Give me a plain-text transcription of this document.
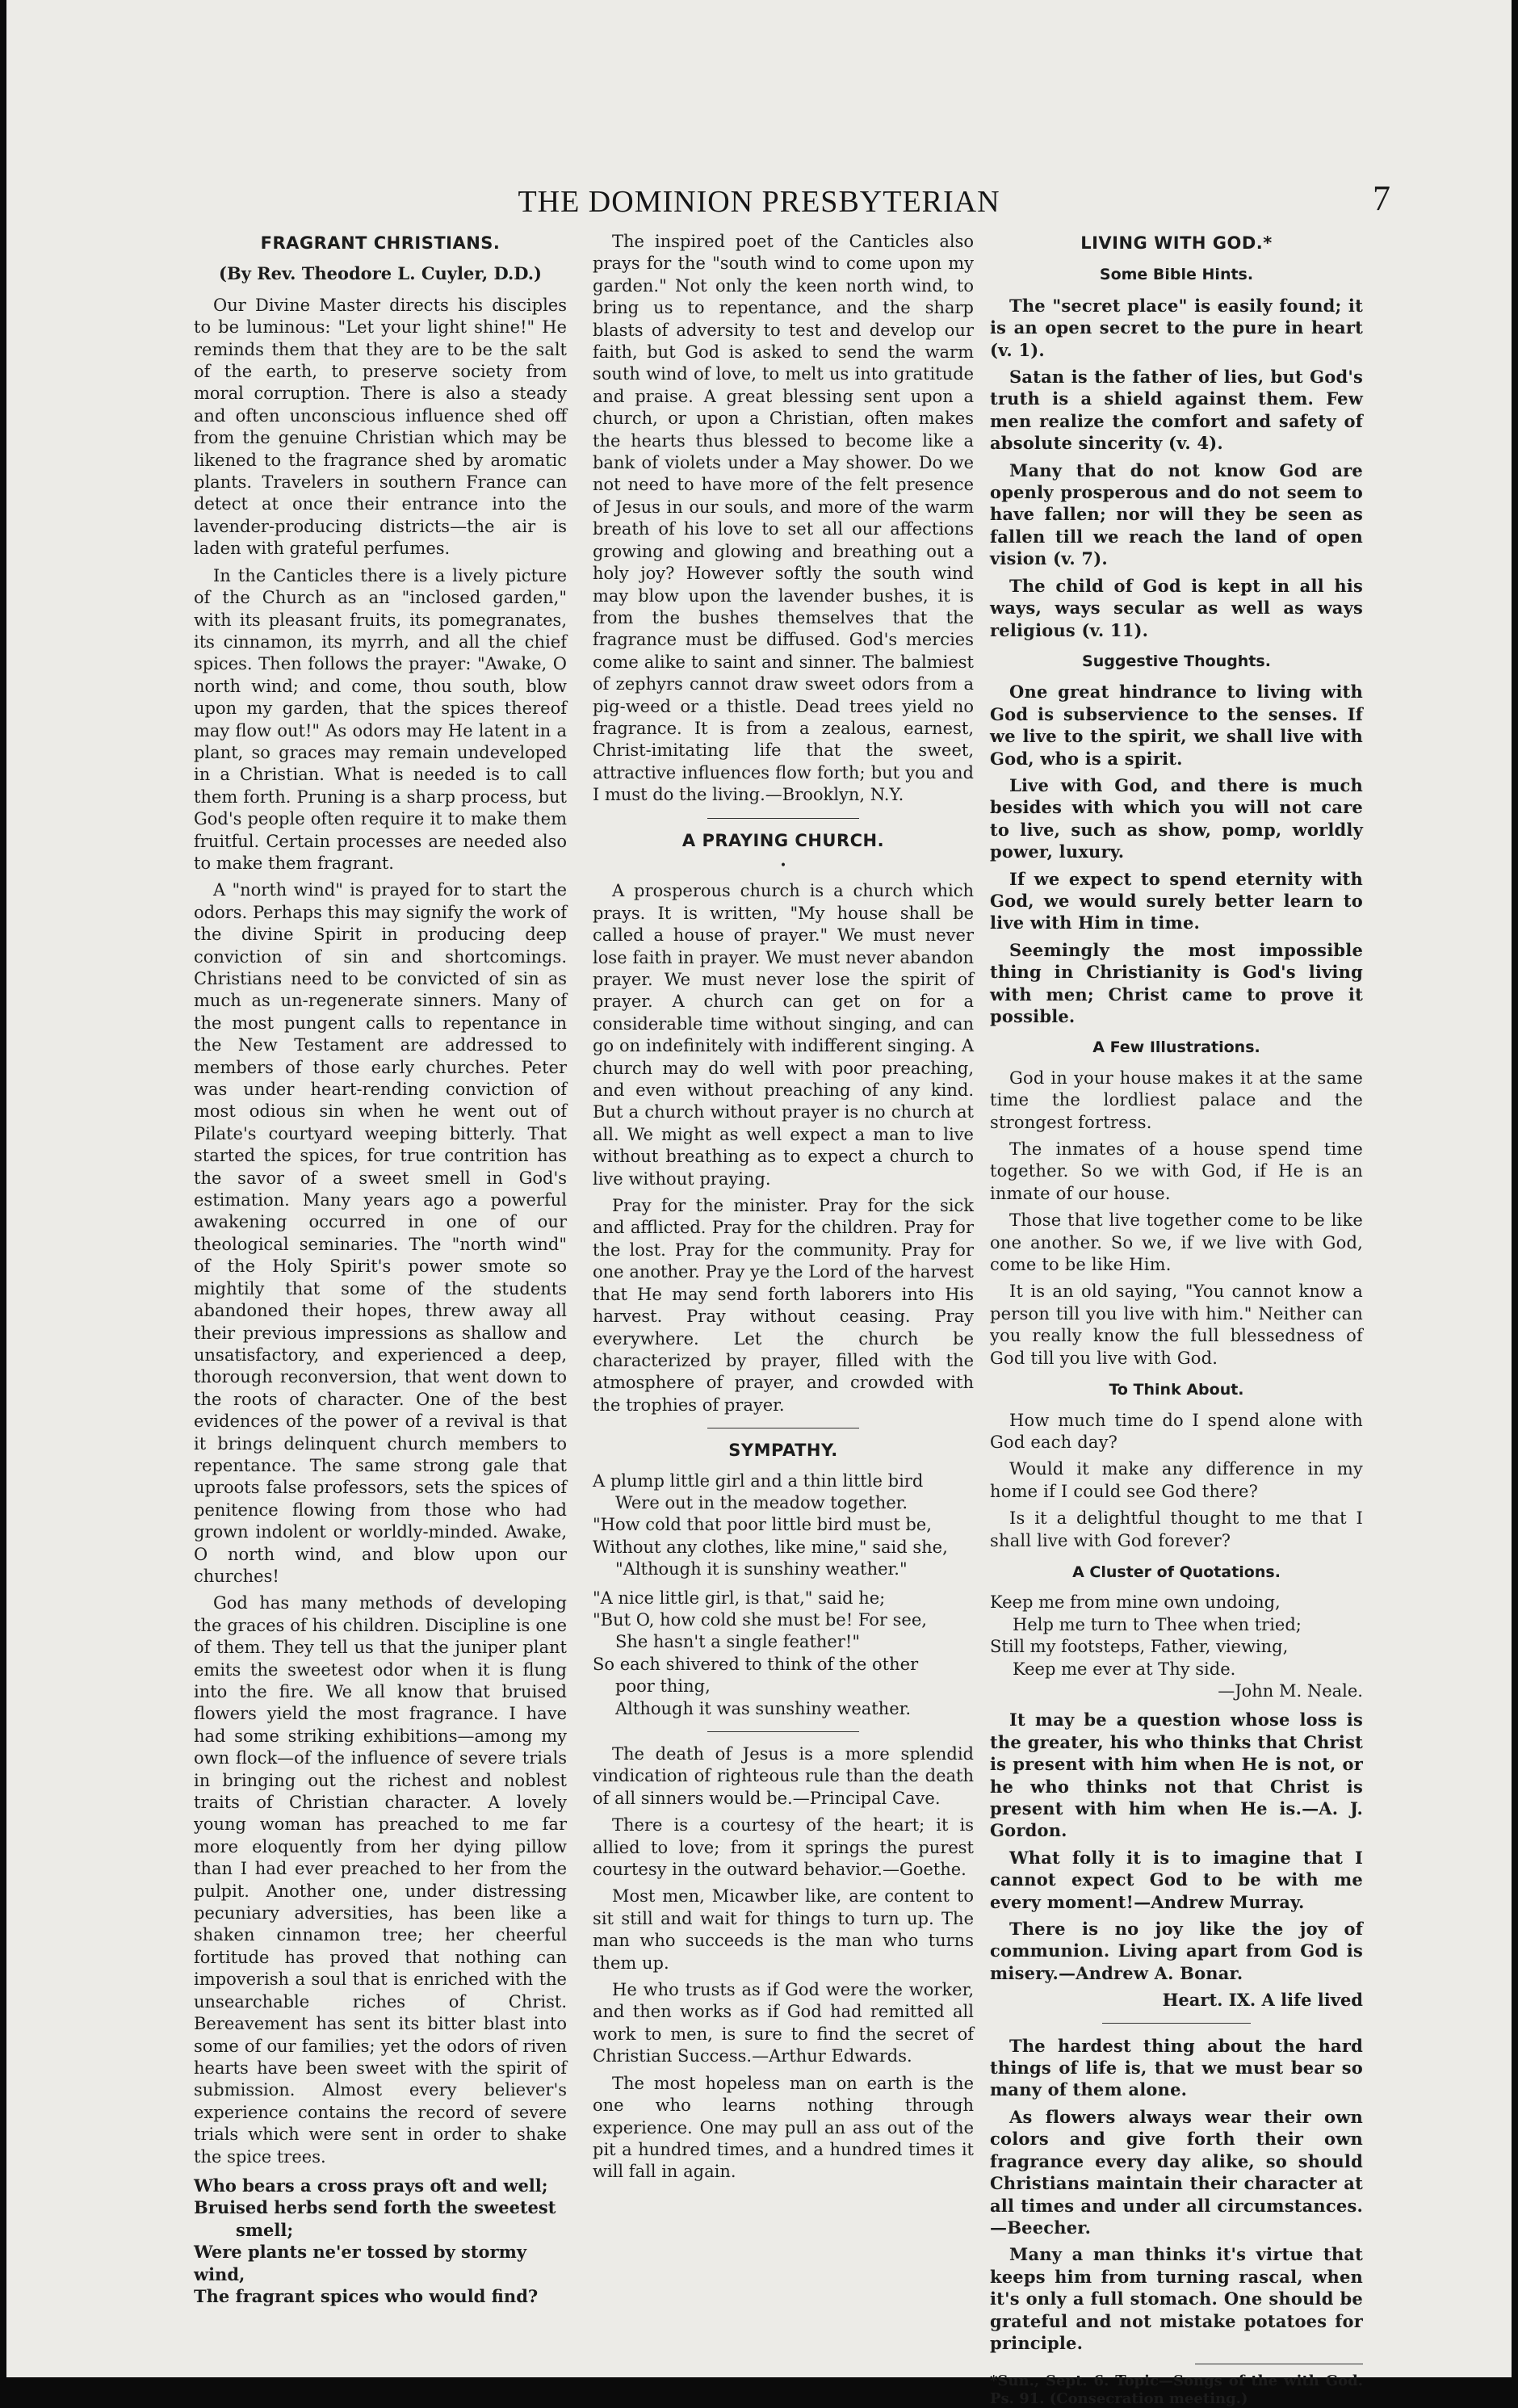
THE DOMINION PRESBYTERIAN	7
FRAGRANT CHRISTIANS.
(By Rev. Theodore L. Cuyler, D.D.)

Our Divine Master directs his disciples to be luminous: "Let your light shine!" He reminds them that they are to be the salt of the earth, to preserve society from moral corruption. There is also a steady and often unconscious influence shed off from the genuine Christian which may be likened to the fragrance shed by aromatic plants. Travelers in southern France can detect at once their entrance into the lavender-producing districts—the air is laden with grateful perfumes.

In the Canticles there is a lively picture of the Church as an "inclosed garden," with its pleasant fruits, its pomegranates, its cinnamon, its myrrh, and all the chief spices. Then follows the prayer: "Awake, O north wind; and come, thou south, blow upon my garden, that the spices thereof may flow out!" As odors may He latent in a plant, so graces may remain undeveloped in a Christian. What is needed is to call them forth. Pruning is a sharp process, but God's people often require it to make them fruitful. Certain processes are needed also to make them fragrant.

A "north wind" is prayed for to start the odors. Perhaps this may signify the work of the divine Spirit in producing deep conviction of sin and shortcomings. Christians need to be convicted of sin as much as un-regenerate sinners. Many of the most pungent calls to repentance in the New Testament are addressed to members of those early churches. Peter was under heart-rending conviction of most odious sin when he went out of Pilate's courtyard weeping bitterly. That started the spices, for true contrition has the savor of a sweet smell in God's estimation. Many years ago a powerful awakening occurred in one of our theological seminaries. The "north wind" of the Holy Spirit's power smote so mightily that some of the students abandoned their hopes, threw away all their previous impressions as shallow and unsatisfactory, and experienced a deep, thorough reconversion, that went down to the roots of character. One of the best evidences of the power of a revival is that it brings delinquent church members to repentance. The same strong gale that uproots false professors, sets the spices of penitence flowing from those who had grown indolent or worldly-minded. Awake, O north wind, and blow upon our churches!

God has many methods of developing the graces of his children. Discipline is one of them. They tell us that the juniper plant emits the sweetest odor when it is flung into the fire. We all know that bruised flowers yield the most fragrance. I have had some striking exhibitions—among my own flock—of the influence of severe trials in bringing out the richest and noblest traits of Christian character. A lovely young woman has preached to me far more eloquently from her dying pillow than I had ever preached to her from the pulpit. Another one, under distressing pecuniary adversities, has been like a shaken cinnamon tree; her cheerful fortitude has proved that nothing can impoverish a soul that is enriched with the unsearchable riches of Christ. Bereavement has sent its bitter blast into some of our families; yet the odors of riven hearts have been sweet with the spirit of submission. Almost every believer's experience contains the record of severe trials which were sent in order to shake the spice trees.

Who bears a cross prays oft and well;
Bruised herbs send forth the sweetest
smell;
Were plants ne'er tossed by stormy wind,
The fragrant spices who would find?

The inspired poet of the Canticles also prays for the "south wind to come upon my garden." Not only the keen north wind, to bring us to repentance, and the sharp blasts of adversity to test and develop our faith, but God is asked to send the warm south wind of love, to melt us into gratitude and praise. A great blessing sent upon a church, or upon a Christian, often makes the hearts thus blessed to become like a bank of violets under a May shower. Do we not need to have more of the felt presence of Jesus in our souls, and more of the warm breath of his love to set all our affections growing and glowing and breathing out a holy joy? However softly the south wind may blow upon the lavender bushes, it is from the bushes themselves that the fragrance must be diffused. God's mercies come alike to saint and sinner. The balmiest of zephyrs cannot draw sweet odors from a pig-weed or a thistle. Dead trees yield no fragrance. It is from a zealous, earnest, Christ-imitating life that the sweet, attractive influences flow forth; but you and I must do the living.—Brooklyn, N.Y.

A PRAYING CHURCH.
•

A prosperous church is a church which prays. It is written, "My house shall be called a house of prayer." We must never lose faith in prayer. We must never abandon prayer. We must never lose the spirit of prayer. A church can get on for a considerable time without singing, and can go on indefinitely with indifferent singing. A church may do well with poor preaching, and even without preaching of any kind. But a church without prayer is no church at all. We might as well expect a man to live without breathing as to expect a church to live without praying.

Pray for the minister. Pray for the sick and afflicted. Pray for the children. Pray for the lost. Pray for the community. Pray for one another. Pray ye the Lord of the harvest that He may send forth laborers into His harvest. Pray without ceasing. Pray everywhere. Let the church be characterized by prayer, filled with the atmosphere of prayer, and crowded with the trophies of prayer.

SYMPATHY.
A plump little girl and a thin little bird
Were out in the meadow together.
"How cold that poor little bird must be,
Without any clothes, like mine," said she,
"Although it is sunshiny weather."
"A nice little girl, is that," said he;
"But O, how cold she must be! For see,
She hasn't a single feather!"
So each shivered to think of the other
poor thing,
Although it was sunshiny weather.

The death of Jesus is a more splendid vindication of righteous rule than the death of all sinners would be.—Principal Cave.

There is a courtesy of the heart; it is allied to love; from it springs the purest courtesy in the outward behavior.—Goethe.

Most men, Micawber like, are content to sit still and wait for things to turn up. The man who succeeds is the man who turns them up.

He who trusts as if God were the worker, and then works as if God had remitted all work to men, is sure to find the secret of Christian Success.—Arthur Edwards.

The most hopeless man on earth is the one who learns nothing through experience. One may pull an ass out of the pit a hundred times, and a hundred times it will fall in again.

LIVING WITH GOD.*
Some Bible Hints.

The "secret place" is easily found; it is an open secret to the pure in heart (v. 1).

Satan is the father of lies, but God's truth is a shield against them. Few men realize the comfort and safety of absolute sincerity (v. 4).

Many that do not know God are openly prosperous and do not seem to have fallen; nor will they be seen as fallen till we reach the land of open vision (v. 7).

The child of God is kept in all his ways, ways secular as well as ways religious (v. 11).

Suggestive Thoughts.

One great hindrance to living with God is subservience to the senses. If we live to the spirit, we shall live with God, who is a spirit.

Live with God, and there is much besides with which you will not care to live, such as show, pomp, worldly power, luxury.

If we expect to spend eternity with God, we would surely better learn to live with Him in time.

Seemingly the most impossible thing in Christianity is God's living with men; Christ came to prove it possible.

A Few Illustrations.

God in your house makes it at the same time the lordliest palace and the strongest fortress.

The inmates of a house spend time together. So we with God, if He is an inmate of our house.

Those that live together come to be like one another. So we, if we live with God, come to be like Him.

It is an old saying, "You cannot know a person till you live with him." Neither can you really know the full blessedness of God till you live with God.

To Think About.

How much time do I spend alone with God each day?

Would it make any difference in my home if I could see God there?

Is it a delightful thought to me that I shall live with God forever?

A Cluster of Quotations.
Keep me from mine own undoing,
Help me turn to Thee when tried;
Still my footsteps, Father, viewing,
Keep me ever at Thy side.
—John M. Neale.

It may be a question whose loss is the greater, his who thinks that Christ is present with him when He is not, or he who thinks not that Christ is present with him when He is.—A. J. Gordon.

What folly it is to imagine that I cannot expect God to be with me every moment!—Andrew Murray.

There is no joy like the joy of communion. Living apart from God is misery.—Andrew A. Bonar.

Heart. IX. A life lived

The hardest thing about the hard things of life is, that we must bear so many of them alone.

As flowers always wear their own colors and give forth their own fragrance every day alike, so should Christians maintain their character at all times and under all circumstances.—Beecher.

Many a man thinks it's virtue that keeps him from turning rascal, when it's only a full stomach. One should be grateful and not mistake potatoes for principle.

*Sun., Sept. 6. Topic—Songs of the with God. Ps. 91. (Consecration meeting.)
